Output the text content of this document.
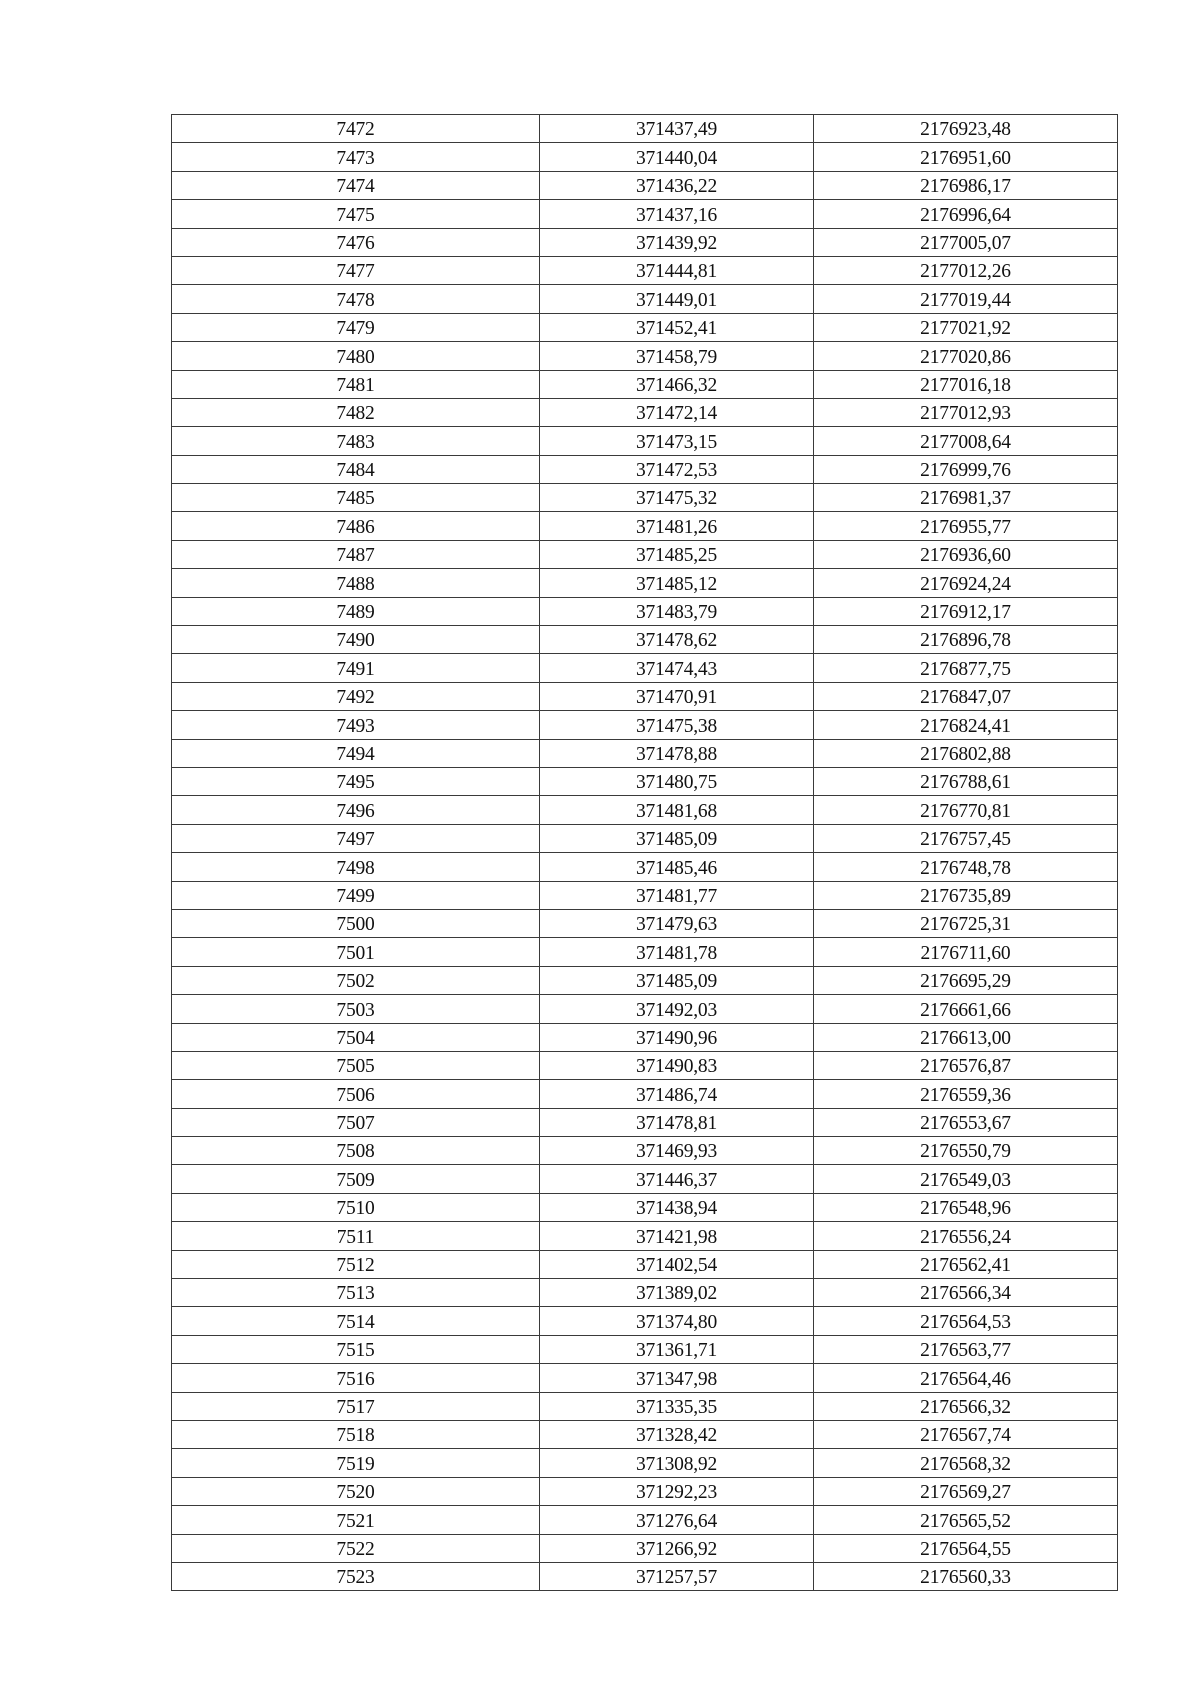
7472	371437,49	2176923,48
7473	371440,04	2176951,60
7474	371436,22	2176986,17
7475	371437,16	2176996,64
7476	371439,92	2177005,07
7477	371444,81	2177012,26
7478	371449,01	2177019,44
7479	371452,41	2177021,92
7480	371458,79	2177020,86
7481	371466,32	2177016,18
7482	371472,14	2177012,93
7483	371473,15	2177008,64
7484	371472,53	2176999,76
7485	371475,32	2176981,37
7486	371481,26	2176955,77
7487	371485,25	2176936,60
7488	371485,12	2176924,24
7489	371483,79	2176912,17
7490	371478,62	2176896,78
7491	371474,43	2176877,75
7492	371470,91	2176847,07
7493	371475,38	2176824,41
7494	371478,88	2176802,88
7495	371480,75	2176788,61
7496	371481,68	2176770,81
7497	371485,09	2176757,45
7498	371485,46	2176748,78
7499	371481,77	2176735,89
7500	371479,63	2176725,31
7501	371481,78	2176711,60
7502	371485,09	2176695,29
7503	371492,03	2176661,66
7504	371490,96	2176613,00
7505	371490,83	2176576,87
7506	371486,74	2176559,36
7507	371478,81	2176553,67
7508	371469,93	2176550,79
7509	371446,37	2176549,03
7510	371438,94	2176548,96
7511	371421,98	2176556,24
7512	371402,54	2176562,41
7513	371389,02	2176566,34
7514	371374,80	2176564,53
7515	371361,71	2176563,77
7516	371347,98	2176564,46
7517	371335,35	2176566,32
7518	371328,42	2176567,74
7519	371308,92	2176568,32
7520	371292,23	2176569,27
7521	371276,64	2176565,52
7522	371266,92	2176564,55
7523	371257,57	2176560,33
